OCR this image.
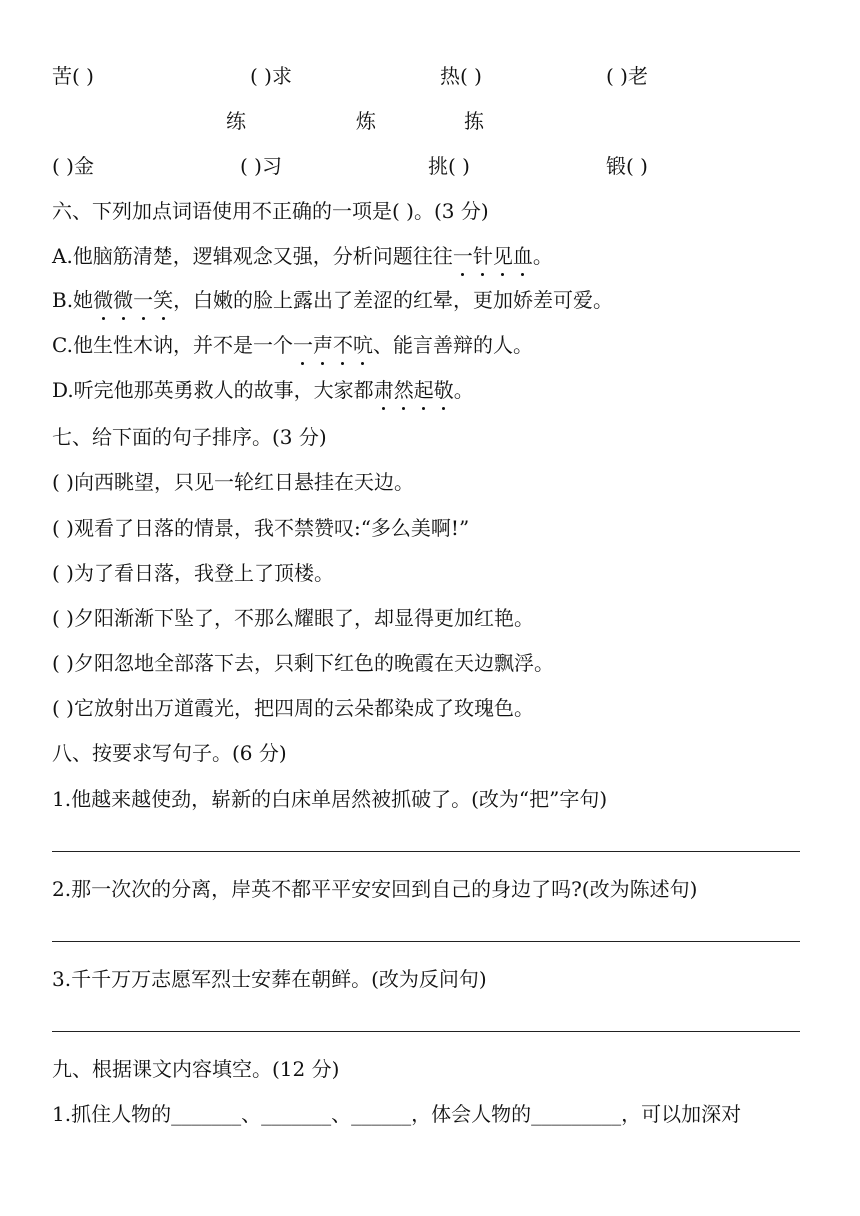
苦( )	( )求	热( )	( )老
练	炼	拣
( )金	( )习	挑( )	锻( )
六、下列加点词语使用不正确的一项是( )。(3 分)
A.他脑筋清楚，逻辑观念又强，分析问题往往一针见血。
B.她微微一笑，白嫩的脸上露出了差涩的红晕，更加娇差可爱。
C.他生性木讷，并不是一个一声不吭、能言善辩的人。
D.听完他那英勇救人的故事，大家都肃然起敬。
七、给下面的句子排序。(3 分)
( )向西眺望，只见一轮红日悬挂在天边。
( )观看了日落的情景，我不禁赞叹:“多么美啊!”
( )为了看日落，我登上了顶楼。
( )夕阳渐渐下坠了，不那么耀眼了，却显得更加红艳。
( )夕阳忽地全部落下去，只剩下红色的晚霞在天边飘浮。
( )它放射出万道霞光，把四周的云朵都染成了玫瑰色。
八、按要求写句子。(6 分)
1.他越来越使劲，崭新的白床单居然被抓破了。(改为“把”字句)
2.那一次次的分离，岸英不都平平安安回到自己的身边了吗?(改为陈述句)
3.千千万万志愿军烈士安葬在朝鲜。(改为反问句)
九、根据课文内容填空。(12 分)
1.抓住人物的_______、_______、______，体会人物的_________，可以加深对
